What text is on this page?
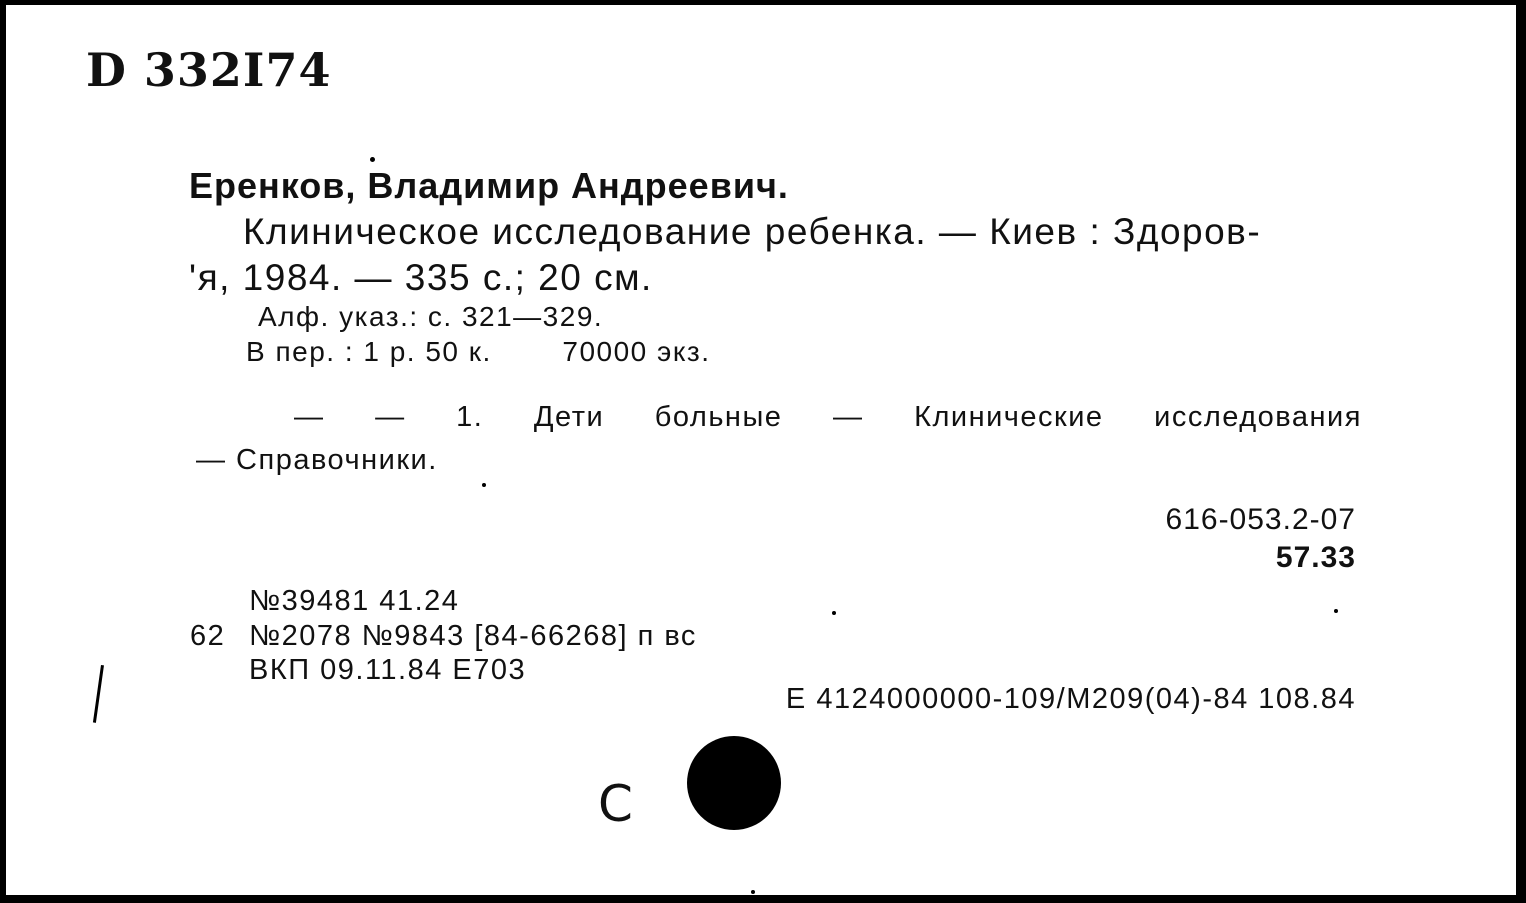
D 332I74
Еренков, Владимир Андреевич.
Клиническое исследование ребенка. — Киев : Здоров-
'я, 1984. — 335 с.; 20 см.
Алф. указ.: с. 321—329.
В пер. : 1 р. 50 к.	70000 экз.
— — 1. Дети больные — Клинические исследования
— Справочники.
616-053.2-07
57.33
№39481 41.24
62 №2078 №9843 [84-66268] п вс
ВКП 09.11.84 Е703
Е 4124000000-109/М209(04)-84 108.84
С
